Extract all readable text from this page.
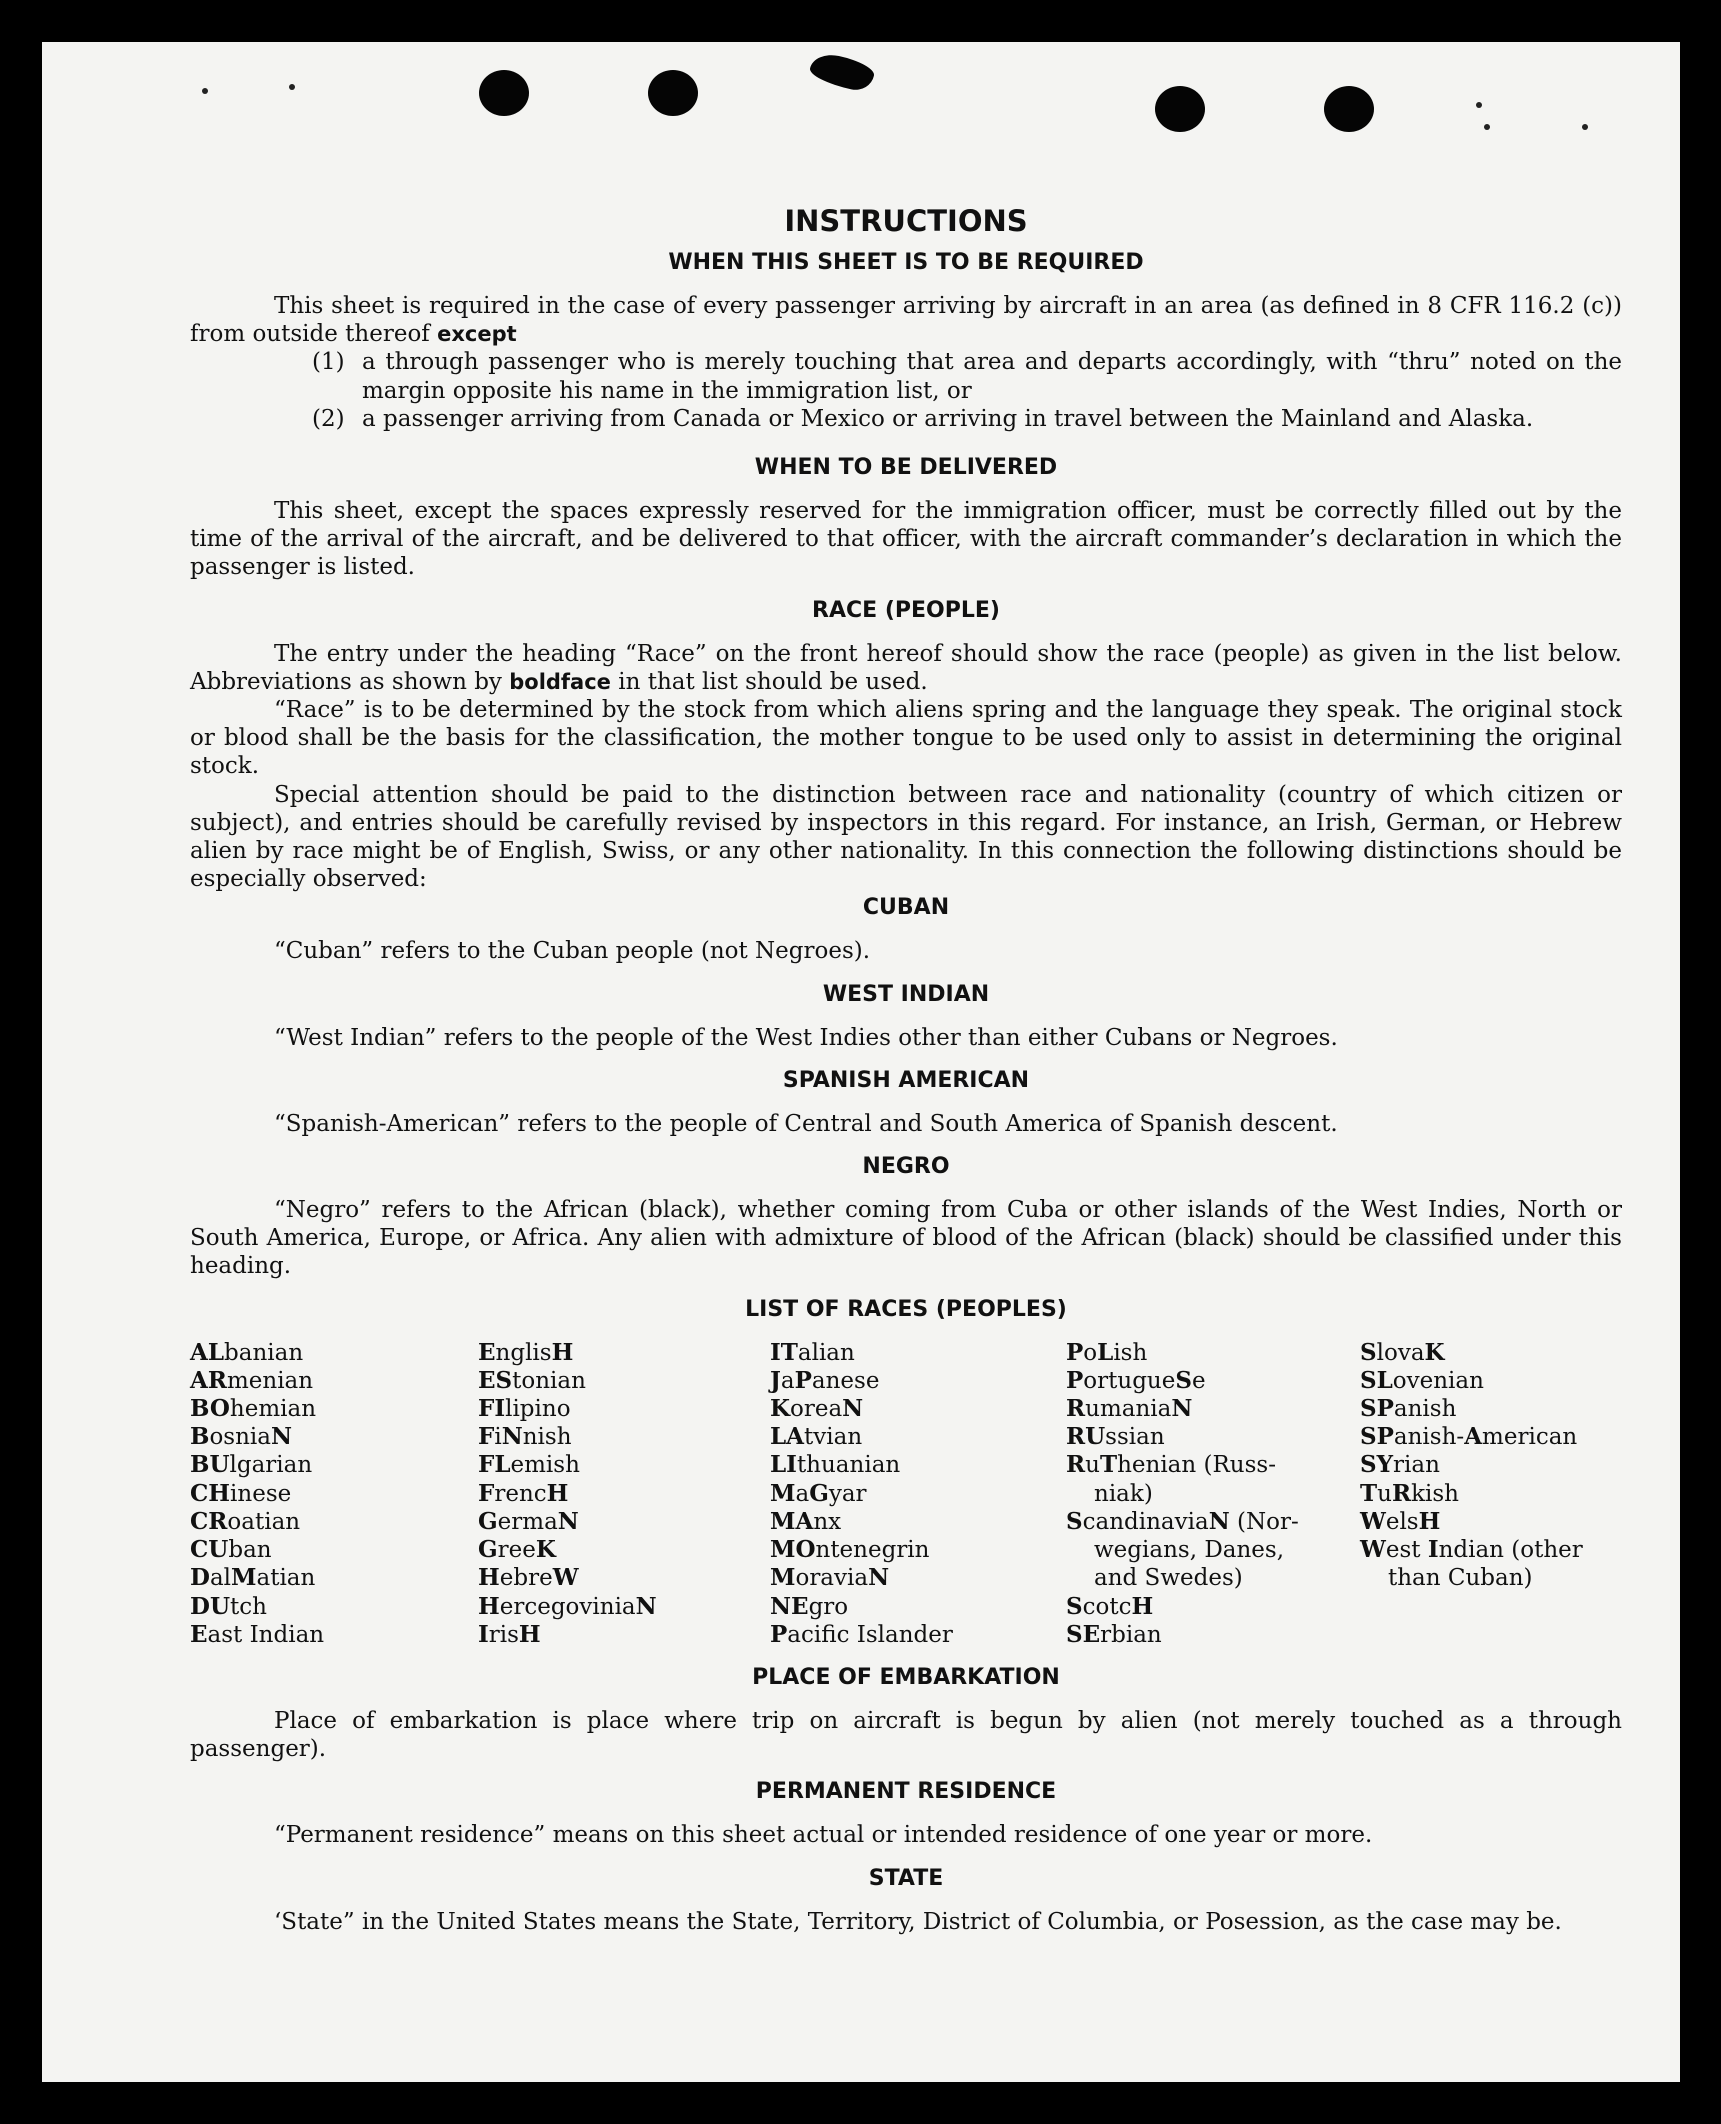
INSTRUCTIONS
WHEN THIS SHEET IS TO BE REQUIRED

This sheet is required in the case of every passenger arriving by aircraft in an area (as defined in 8 CFR 116.2 (c)) from outside thereof except

(1) a through passenger who is merely touching that area and departs accordingly, with “thru” noted on the margin opposite his name in the immigration list, or
(2) a passenger arriving from Canada or Mexico or arriving in travel between the Mainland and Alaska.
WHEN TO BE DELIVERED

This sheet, except the spaces expressly reserved for the immigration officer, must be correctly filled out by the time of the arrival of the aircraft, and be delivered to that officer, with the aircraft commander’s declaration in which the passenger is listed.

RACE (PEOPLE)

The entry under the heading “Race” on the front hereof should show the race (people) as given in the list below. Abbreviations as shown by boldface in that list should be used.

“Race” is to be determined by the stock from which aliens spring and the language they speak. The original stock or blood shall be the basis for the classification, the mother tongue to be used only to assist in determining the original stock.

Special attention should be paid to the distinction between race and nationality (country of which citizen or subject), and entries should be carefully revised by inspectors in this regard. For instance, an Irish, German, or Hebrew alien by race might be of English, Swiss, or any other nationality. In this connection the following distinctions should be especially observed:

CUBAN

“Cuban” refers to the Cuban people (not Negroes).

WEST INDIAN

“West Indian” refers to the people of the West Indies other than either Cubans or Negroes.

SPANISH AMERICAN

“Spanish-American” refers to the people of Central and South America of Spanish descent.

NEGRO

“Negro” refers to the African (black), whether coming from Cuba or other islands of the West Indies, North or South America, Europe, or Africa. Any alien with admixture of blood of the African (black) should be classified under this heading.

LIST OF RACES (PEOPLES)
ALbanian
ARmenian
BOhemian
BosniaN
BUlgarian
CHinese
CRoatian
CUban
DalMatian
DUtch
East Indian
EnglisH
EStonian
FIlipino
FiNnish
FLemish
FrencH
GermaN
GreeK
HebreW
HercegoviniaN
IrisH
ITalian
JaPanese
KoreaN
LAtvian
LIthuanian
MaGyar
MAnx
MOntenegrin
MoraviaN
NEgro
Pacific Islander
PoLish
PortugueSe
RumaniaN
RUssian
RuThenian (Russ-
niak)
ScandinaviaN (Nor-
wegians, Danes,
and Swedes)
ScotcH
SErbian
SlovaK
SLovenian
SPanish
SPanish-American
SYrian
TuRkish
WelsH
West Indian (other
than Cuban)
PLACE OF EMBARKATION

Place of embarkation is place where trip on aircraft is begun by alien (not merely touched as a through passenger).

PERMANENT RESIDENCE

“Permanent residence” means on this sheet actual or intended residence of one year or more.

STATE

‘State” in the United States means the State, Territory, District of Columbia, or Posession, as the case may be.
